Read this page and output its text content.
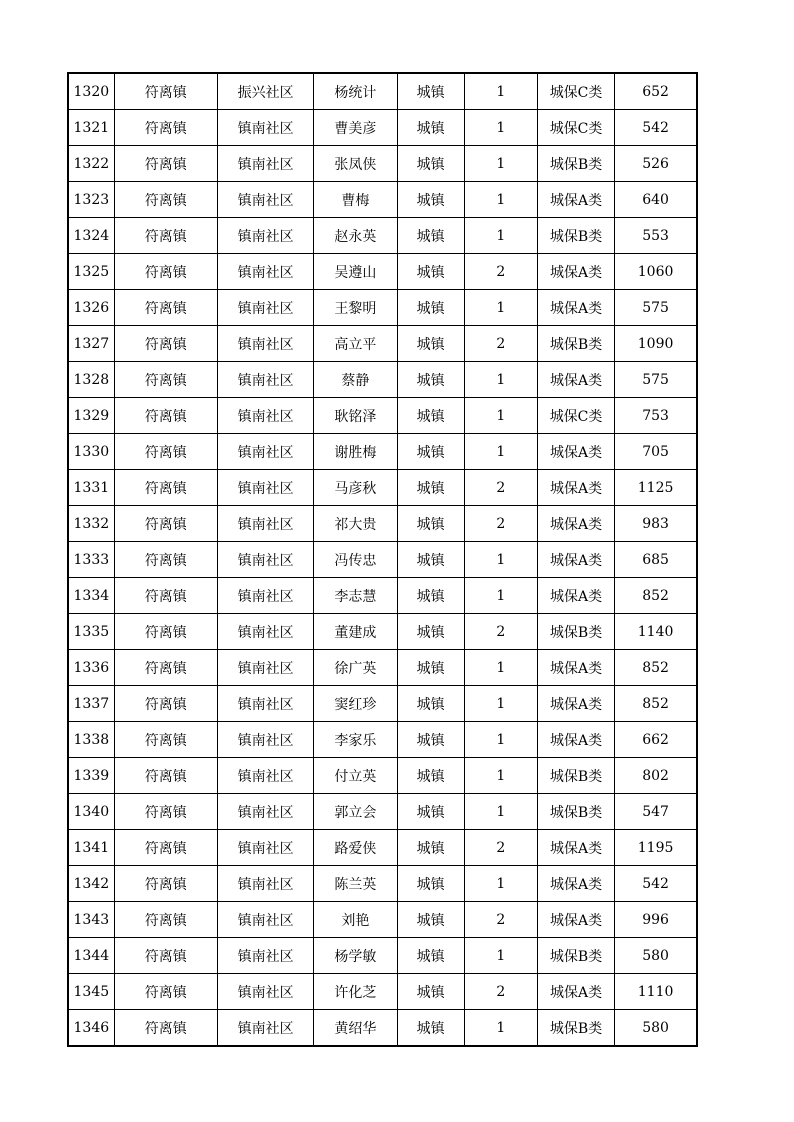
1320	符离镇	振兴社区	杨统计	城镇	1	城保C类	652
1321	符离镇	镇南社区	曹美彦	城镇	1	城保C类	542
1322	符离镇	镇南社区	张凤侠	城镇	1	城保B类	526
1323	符离镇	镇南社区	曹梅	城镇	1	城保A类	640
1324	符离镇	镇南社区	赵永英	城镇	1	城保B类	553
1325	符离镇	镇南社区	吴遵山	城镇	2	城保A类	1060
1326	符离镇	镇南社区	王黎明	城镇	1	城保A类	575
1327	符离镇	镇南社区	高立平	城镇	2	城保B类	1090
1328	符离镇	镇南社区	蔡静	城镇	1	城保A类	575
1329	符离镇	镇南社区	耿铭泽	城镇	1	城保C类	753
1330	符离镇	镇南社区	谢胜梅	城镇	1	城保A类	705
1331	符离镇	镇南社区	马彦秋	城镇	2	城保A类	1125
1332	符离镇	镇南社区	祁大贵	城镇	2	城保A类	983
1333	符离镇	镇南社区	冯传忠	城镇	1	城保A类	685
1334	符离镇	镇南社区	李志慧	城镇	1	城保A类	852
1335	符离镇	镇南社区	董建成	城镇	2	城保B类	1140
1336	符离镇	镇南社区	徐广英	城镇	1	城保A类	852
1337	符离镇	镇南社区	窦红珍	城镇	1	城保A类	852
1338	符离镇	镇南社区	李家乐	城镇	1	城保A类	662
1339	符离镇	镇南社区	付立英	城镇	1	城保B类	802
1340	符离镇	镇南社区	郭立会	城镇	1	城保B类	547
1341	符离镇	镇南社区	路爱侠	城镇	2	城保A类	1195
1342	符离镇	镇南社区	陈兰英	城镇	1	城保A类	542
1343	符离镇	镇南社区	刘艳	城镇	2	城保A类	996
1344	符离镇	镇南社区	杨学敏	城镇	1	城保B类	580
1345	符离镇	镇南社区	许化芝	城镇	2	城保A类	1110
1346	符离镇	镇南社区	黄绍华	城镇	1	城保B类	580
